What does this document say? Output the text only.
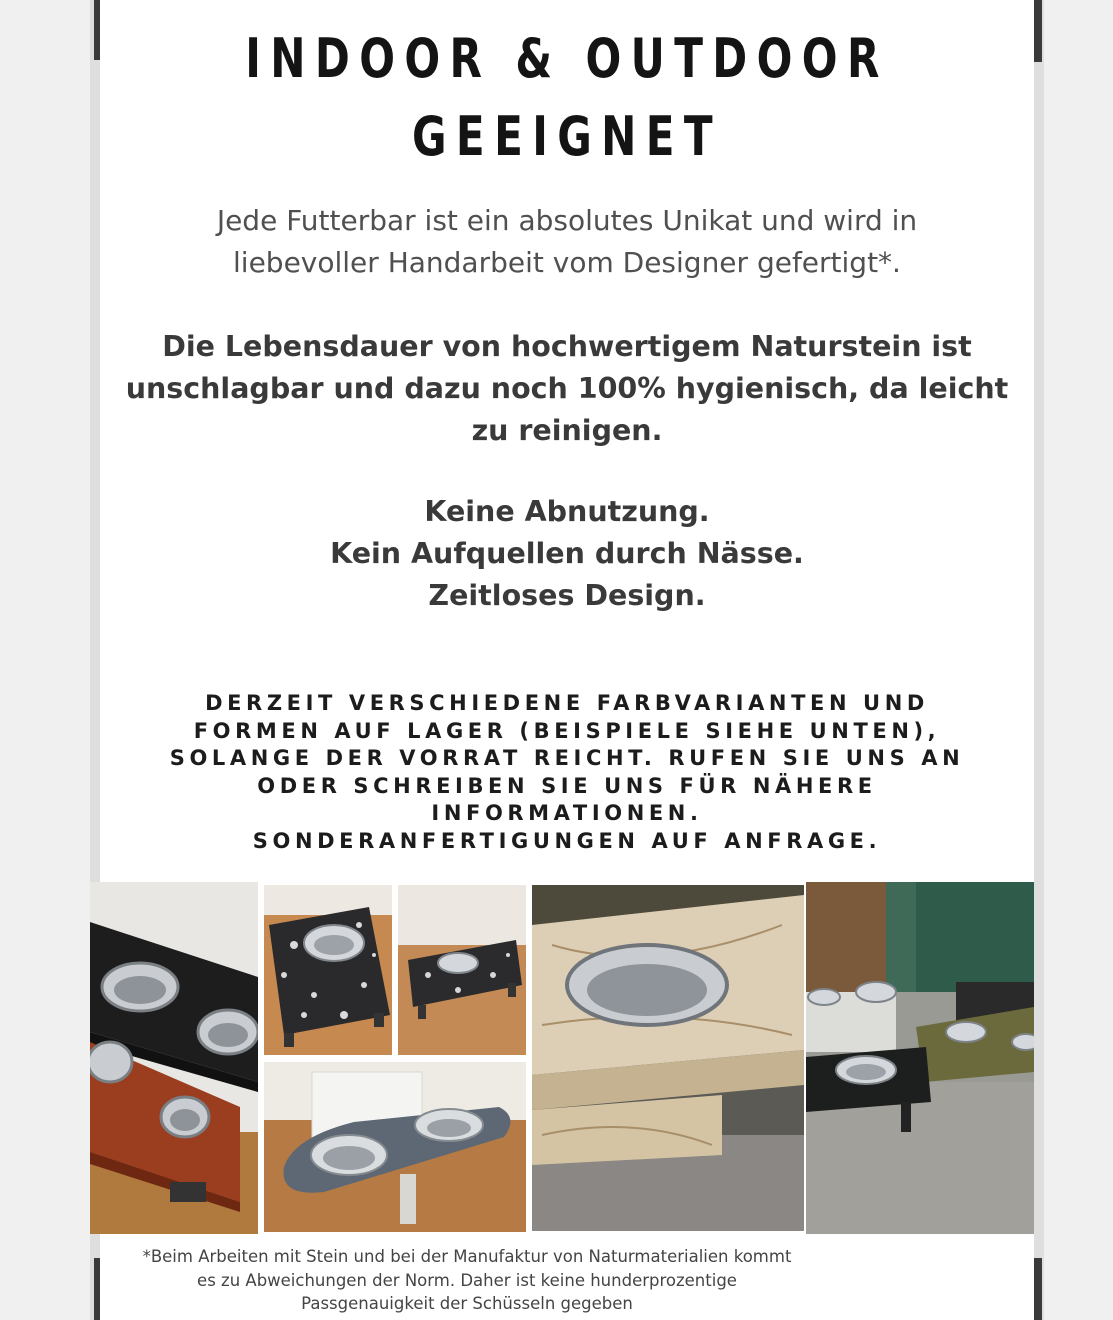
INDOOR & OUTDOOR
GEEIGNET
Jede Futterbar ist ein absolutes Unikat und wird in
liebevoller Handarbeit vom Designer gefertigt*.
Die Lebensdauer von hochwertigem Naturstein ist
unschlagbar und dazu noch 100% hygienisch, da leicht
zu reinigen.
Keine Abnutzung.
Kein Aufquellen durch Nässe.
Zeitloses Design.
DERZEIT VERSCHIEDENE FARBVARIANTEN UND
FORMEN AUF LAGER (BEISPIELE SIEHE UNTEN),
SOLANGE DER VORRAT REICHT. RUFEN SIE UNS AN
ODER SCHREIBEN SIE UNS FÜR NÄHERE
INFORMATIONEN.
SONDERANFERTIGUNGEN AUF ANFRAGE.
*Beim Arbeiten mit Stein und bei der Manufaktur von Naturmaterialien kommt
es zu Abweichungen der Norm. Daher ist keine hunderprozentige
Passgenauigkeit der Schüsseln gegeben
